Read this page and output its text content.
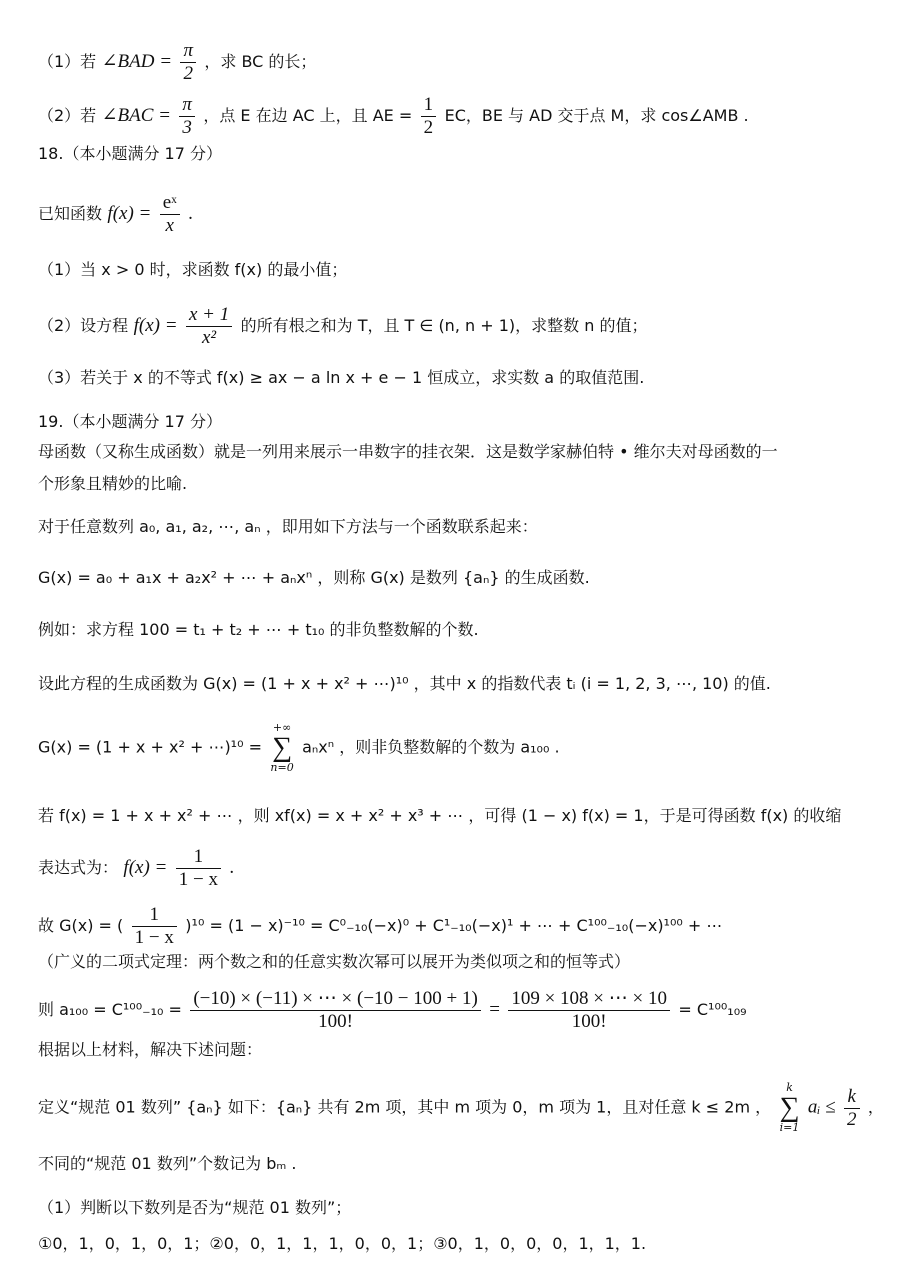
（1）若 ∠BAD = $\frac{\pi}{2}$ ，求 BC 的长；
（2）若 ∠BAC = $\frac{\pi}{3}$ ，点 E 在边 AC 上，且 AE = $\frac{1}{2}$ EC，BE 与 AD 交于点 M，求 cos∠AMB .
18.（本小题满分 17 分）
已知函数 $f(x) = \frac{\text{eˣ}}{x}$ .
（1）当 x > 0 时，求函数 f(x) 的最小值；
（2）设方程 $f(x) = \frac{x + 1}{\text{x²}}$ 的所有根之和为 T，且 T ∈ (n, n + 1)，求整数 n 的值；
（3）若关于 x 的不等式 f(x) ≥ ax − a ln x + e − 1 恒成立，求实数 a 的取值范围.
19.（本小题满分 17 分）
母函数（又称生成函数）就是一列用来展示一串数字的挂衣架．这是数学家赫伯特 • 维尔夫对母函数的一
个形象且精妙的比喻.
对于任意数列 a₀, a₁, a₂, ⋯, aₙ ，即用如下方法与一个函数联系起来：
G(x) = a₀ + a₁x + a₂x² + ⋯ + aₙxⁿ ，则称 G(x) 是数列 {aₙ} 的生成函数.
例如：求方程 100 = t₁ + t₂ + ⋯ + t₁₀ 的非负整数解的个数.
设此方程的生成函数为 G(x) = (1 + x + x² + ⋯)¹⁰ ，其中 x 的指数代表 tᵢ (i = 1, 2, 3, ⋯, 10) 的值.
G(x) = (1 + x + x² + ⋯)¹⁰ =
+∞
∑
n=0
aₙxⁿ ，则非负整数解的个数为 a₁₀₀ .
若 f(x) = 1 + x + x² + ⋯ ，则 xf(x) = x + x² + x³ + ⋯ ，可得 (1 − x) f(x) = 1，于是可得函数 f(x) 的收缩
表达式为： $f(x) = \frac{1}{1 - x}$ .
故 G(x) = ( $\frac{1}{1 - x} )^{10} = (1 - x)^{-10} = C^0_{-10}(-x)^0 + C^1_{-10}(-x)^1$ + ⋯ + C¹⁰⁰₋₁₀(−x)¹⁰⁰ + ⋯
（广义的二项式定理：两个数之和的任意实数次幂可以展开为类似项之和的恒等式）
则 $a_{100} = C^{100}_{-10} = \frac{(-10) \times (-11) \times \cdots \times (-10 - 100 + 1)}{100!} = \frac{109 \times 108 \times \cdots \times 10}{100!} = C^{100}_{109}$
根据以上材料，解决下述问题：
定义“规范 01 数列” {aₙ} 如下：{aₙ} 共有 2m 项，其中 m 项为 0，m 项为 1，且对任意 k ≤ 2m ，
k
∑
i=1
aᵢ ≤ $\frac{k}{2}$ ，
不同的“规范 01 数列”个数记为 bₘ .
（1）判断以下数列是否为“规范 01 数列”；
①0，1，0，1，0，1；②0，0，1，1，1，0，0，1；③0，1，0，0，0，1，1，1.
